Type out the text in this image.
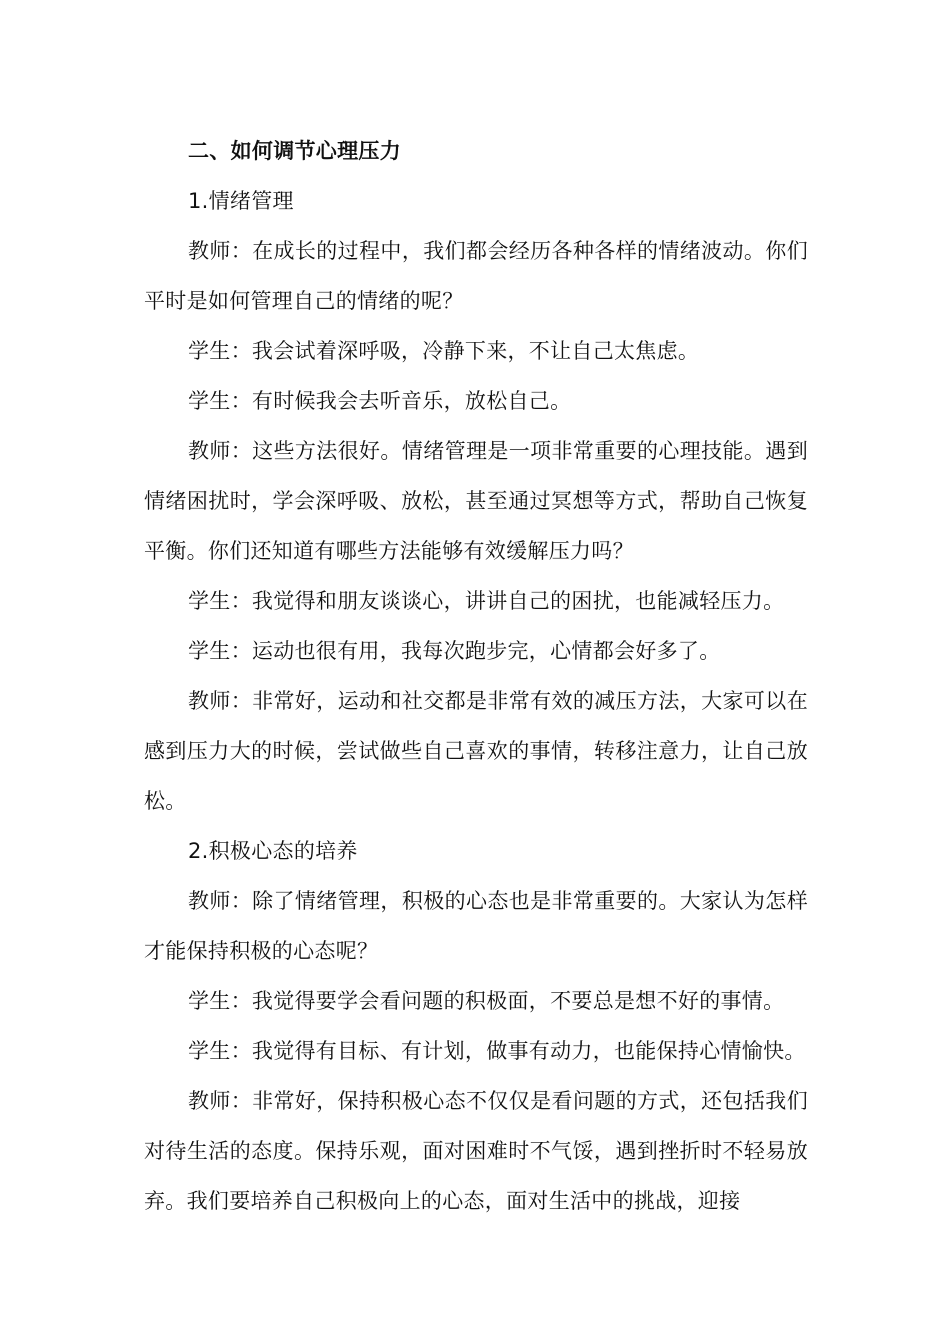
二、如何调节心理压力

1.情绪管理

教师：在成长的过程中，我们都会经历各种各样的情绪波动。你们平时是如何管理自己的情绪的呢？

学生：我会试着深呼吸，冷静下来，不让自己太焦虑。

学生：有时候我会去听音乐，放松自己。

教师：这些方法很好。情绪管理是一项非常重要的心理技能。遇到情绪困扰时，学会深呼吸、放松，甚至通过冥想等方式，帮助自己恢复平衡。你们还知道有哪些方法能够有效缓解压力吗？

学生：我觉得和朋友谈谈心，讲讲自己的困扰，也能减轻压力。

学生：运动也很有用，我每次跑步完，心情都会好多了。

教师：非常好，运动和社交都是非常有效的减压方法，大家可以在感到压力大的时候，尝试做些自己喜欢的事情，转移注意力，让自己放松。

2.积极心态的培养

教师：除了情绪管理，积极的心态也是非常重要的。大家认为怎样才能保持积极的心态呢？

学生：我觉得要学会看问题的积极面，不要总是想不好的事情。

学生：我觉得有目标、有计划，做事有动力，也能保持心情愉快。

教师：非常好，保持积极心态不仅仅是看问题的方式，还包括我们对待生活的态度。保持乐观，面对困难时不气馁，遇到挫折时不轻易放弃。我们要培养自己积极向上的心态，面对生活中的挑战，迎接
